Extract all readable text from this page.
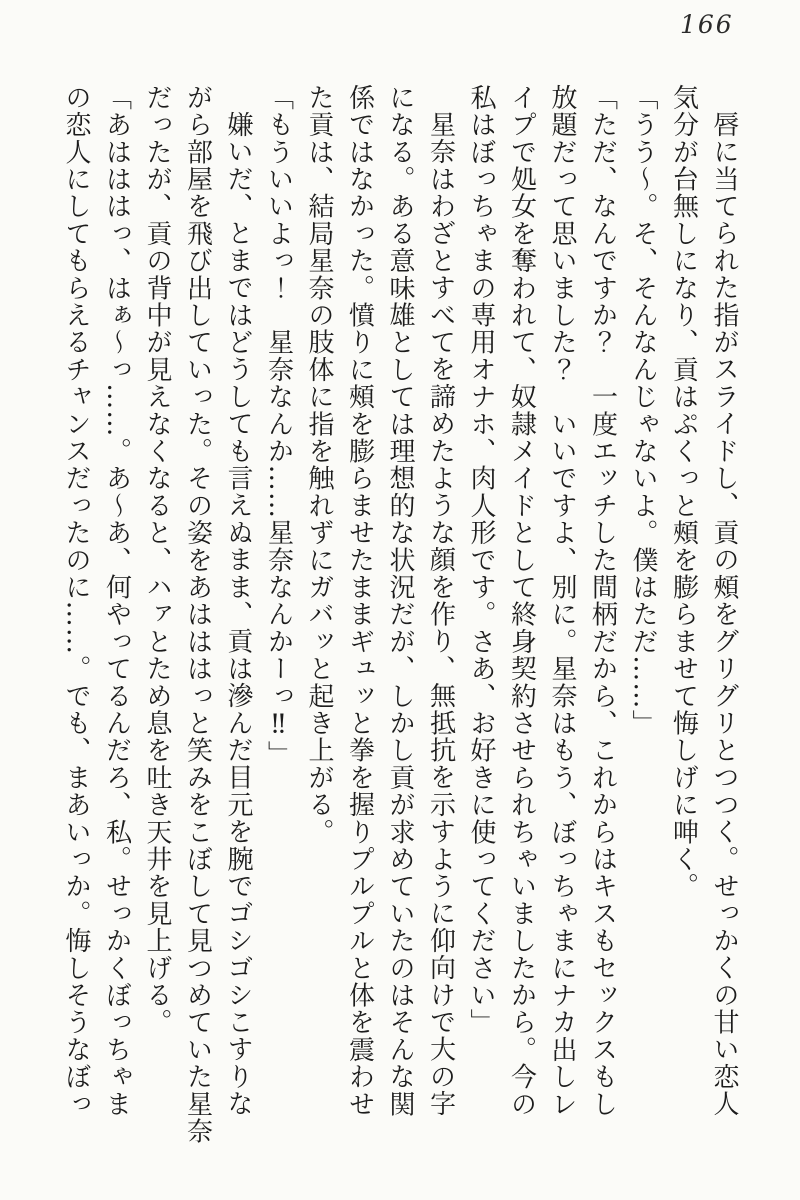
166
唇に当てられた指がスライドし、貢の頰をグリグリとつつく。せっかくの甘い恋人
気分が台無しになり、貢はぷくっと頰を膨らませて悔しげに呻く。
「うう〜。そ、そんなんじゃないよ。僕はただ……」
「ただ、なんですか？　一度エッチした間柄だから、これからはキスもセックスもし
放題だって思いました？　いいですよ、別に。星奈はもう、ぼっちゃまにナカ出しレ
イプで処女を奪われて、奴隷メイドとして終身契約させられちゃいましたから。今の
私はぼっちゃまの専用オナホ、肉人形です。さあ、お好きに使ってください」
星奈はわざとすべてを諦めたような顔を作り、無抵抗を示すように仰向けで大の字
になる。ある意味雄としては理想的な状況だが、しかし貢が求めていたのはそんな関
係ではなかった。憤りに頰を膨らませたままギュッと拳を握りプルプルと体を震わせ
た貢は、結局星奈の肢体に指を触れずにガバッと起き上がる。
「もういいよっ！　星奈なんか……星奈なんかーっ‼」
嫌いだ、とまではどうしても言えぬまま、貢は滲んだ目元を腕でゴシゴシこすりな
がら部屋を飛び出していった。その姿をあはははっと笑みをこぼして見つめていた星奈
だったが、貢の背中が見えなくなると、ハァとため息を吐き天井を見上げる。
「あはははっ、はぁ〜っ……。あ〜あ、何やってるんだろ、私。せっかくぼっちゃま
の恋人にしてもらえるチャンスだったのに……。でも、まあいっか。悔しそうなぼっ
